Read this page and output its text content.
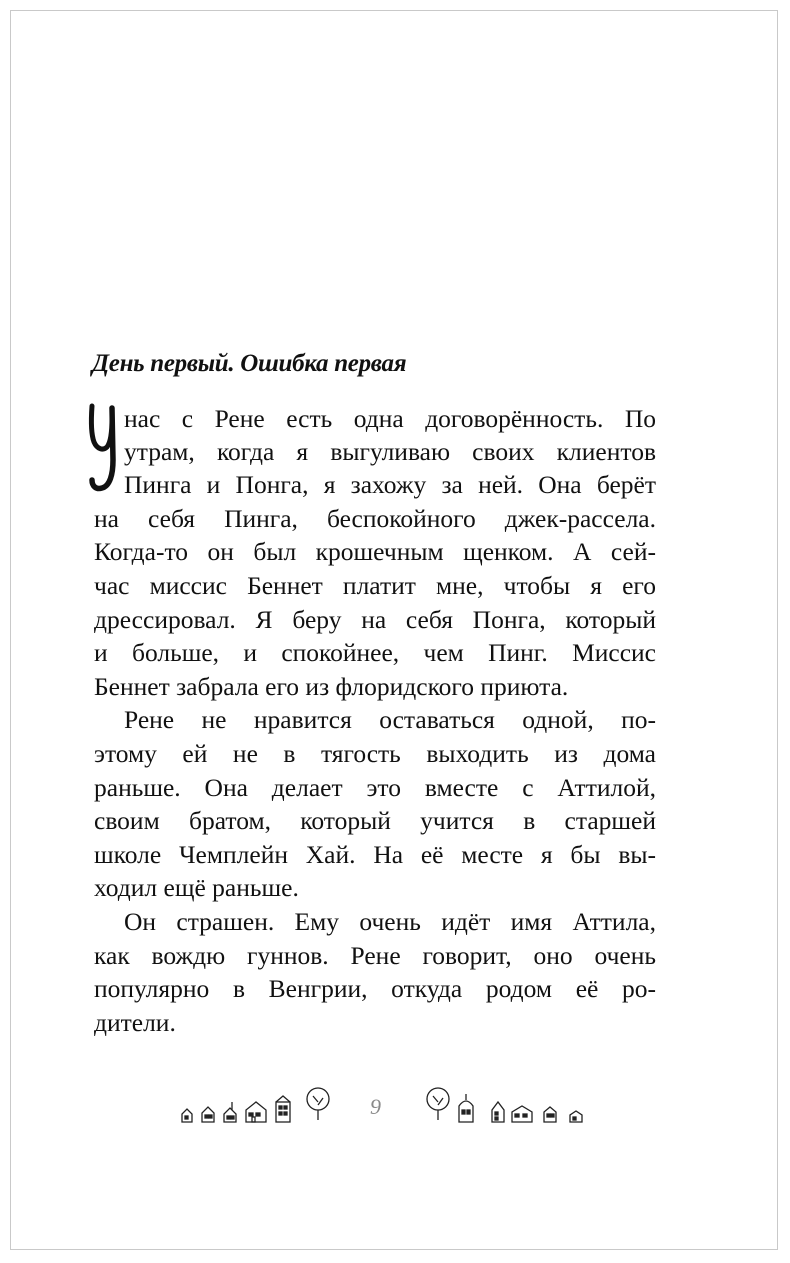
День первый. Ошибка первая
нас с Рене есть одна договорённость. По
утрам, когда я выгуливаю своих клиентов
Пинга и Понга, я захожу за ней. Она берёт
на себя Пинга, беспокойного джек-рассела.
Когда-то он был крошечным щенком. А сей-
час миссис Беннет платит мне, чтобы я его
дрессировал. Я беру на себя Понга, который
и больше, и спокойнее, чем Пинг. Миссис
Беннет забрала его из флоридского приюта.
Рене не нравится оставаться одной, по-
этому ей не в тягость выходить из дома
раньше. Она делает это вместе с Аттилой,
своим братом, который учится в старшей
школе Чемплейн Хай. На её месте я бы вы-
ходил ещё раньше.
Он страшен. Ему очень идёт имя Аттила,
как вождю гуннов. Рене говорит, оно очень
популярно в Венгрии, откуда родом её ро-
дители.
9
